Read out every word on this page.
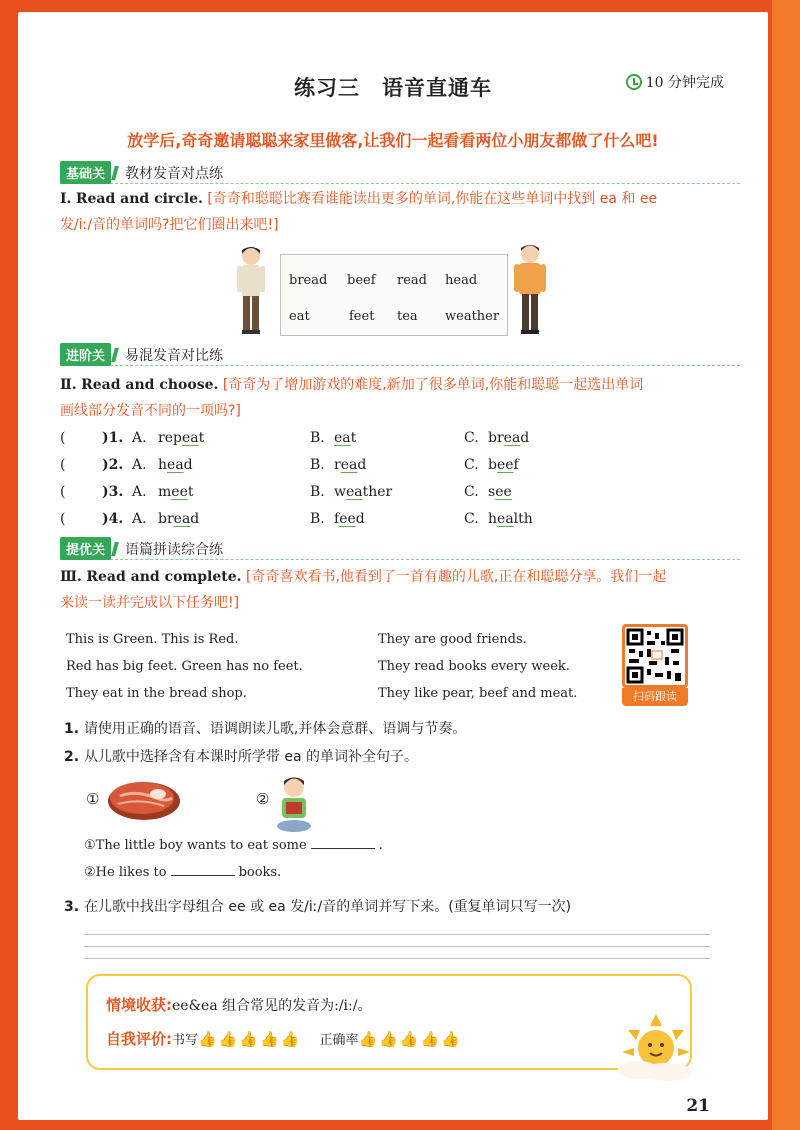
练习三　语音直通车	10 分钟完成
放学后,奇奇邀请聪聪来家里做客,让我们一起看看两位小朋友都做了什么吧!
基础关	教材发音对点练
Ⅰ. Read and circle. [奇奇和聪聪比赛看谁能读出更多的单词,你能在这些单词中找到 ea 和 ee
发/iː/音的单词吗?把它们圈出来吧!]
bread beef read head
eat	feet tea weather
进阶关	易混发音对比练
Ⅱ. Read and choose. [奇奇为了增加游戏的难度,新加了很多单词,你能和聪聪一起选出单词
画线部分发音不同的一项吗?]
(	)1. A. repeat	B. eat	C. bread
(	)2. A. head	B. read	C. beef
(	)3. A. meet	B. weather	C. see
(	)4. A. bread	B. feed	C. health
提优关	语篇拼读综合练
Ⅲ. Read and complete. [奇奇喜欢看书,他看到了一首有趣的儿歌,正在和聪聪分享。我们一起
来读一读并完成以下任务吧!]
This is Green. This is Red.
Red has big feet. Green has no feet.
They eat in the bread shop.
They are good friends.
They read books every week.
They like pear, beef and meat.	扫码跟读
1. 请使用正确的语音、语调朗读儿歌,并体会意群、语调与节奏。
2. 从儿歌中选择含有本课时所学带 ea 的单词补全句子。
①	②
①The little boy wants to eat some	.
②He likes to	books.
3. 在儿歌中找出字母组合 ee 或 ea 发/iː/音的单词并写下来。(重复单词只写一次)
情境收获:ee&ea 组合常见的发音为:/iː/。
自我评价: 书写 👍 👍 👍 👍 👍 正确率 👍 👍 👍 👍 👍
21
